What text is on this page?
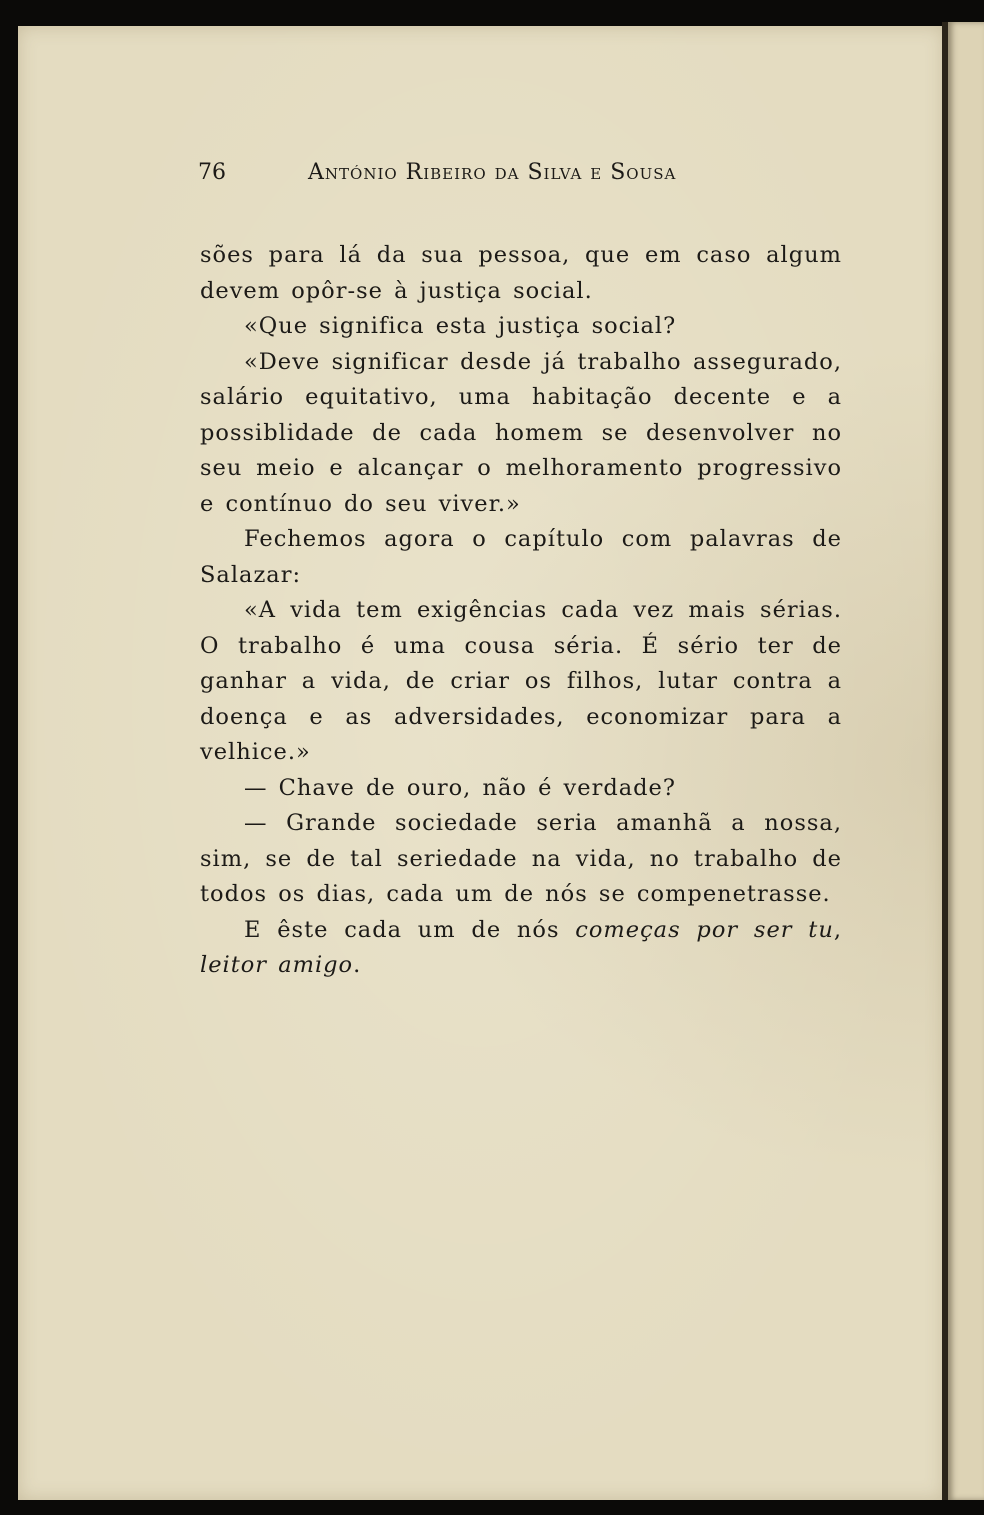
76	António Ribeiro da Silva e Sousa

sões para lá da sua pessoa, que em caso algum devem opôr-se à justiça social.

«Que significa esta justiça social?

«Deve significar desde já trabalho assegurado, salário equitativo, uma habitação decente e a possiblidade de cada homem se desenvolver no seu meio e alcançar o melhoramento progressivo e contínuo do seu viver.»

Fechemos agora o capítulo com palavras de Salazar:

«A vida tem exigências cada vez mais sérias. O trabalho é uma cousa séria. É sério ter de ganhar a vida, de criar os filhos, lutar contra a doença e as adversidades, economizar para a velhice.»

— Chave de ouro, não é verdade?

— Grande sociedade seria amanhã a nossa, sim, se de tal seriedade na vida, no trabalho de todos os dias, cada um de nós se compenetrasse.

E êste cada um de nós começas por ser tu, leitor amigo.
